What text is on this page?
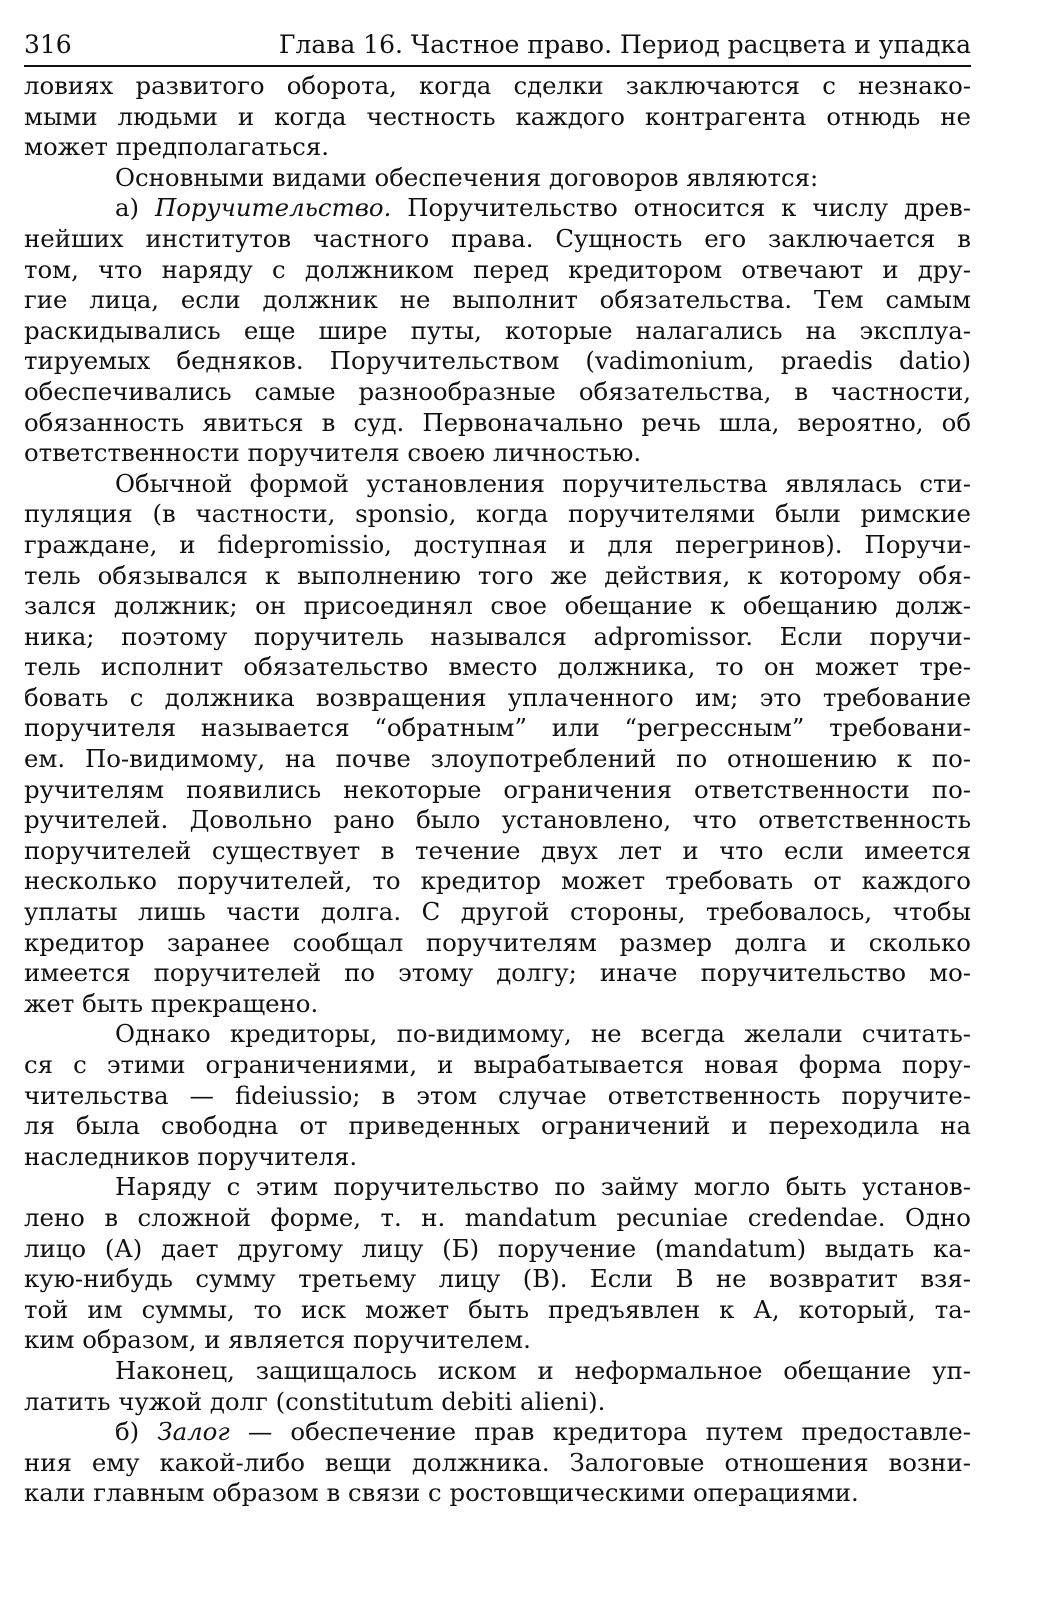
316	Глава 16. Частное право. Период расцвета и упадка
ловиях развитого оборота, когда сделки заключаются с незнако-
мыми людьми и когда честность каждого контрагента отнюдь не
может предполагаться.
Основными видами обеспечения договоров являются:
а) Поручительство. Поручительство относится к числу древ-
нейших институтов частного права. Сущность его заключается в
том, что наряду с должником перед кредитором отвечают и дру-
гие лица, если должник не выполнит обязательства. Тем самым
раскидывались еще шире путы, которые налагались на эксплуа-
тируемых бедняков. Поручительством (vadimonium, praedis datio)
обеспечивались самые разнообразные обязательства, в частности,
обязанность явиться в суд. Первоначально речь шла, вероятно, об
ответственности поручителя своею личностью.
Обычной формой установления поручительства являлась сти-
пуляция (в частности, sponsio, когда поручителями были римские
граждане, и fidepromissio, доступная и для перегринов). Поручи-
тель обязывался к выполнению того же действия, к которому обя-
зался должник; он присоединял свое обещание к обещанию долж-
ника; поэтому поручитель назывался adpromissor. Если поручи-
тель исполнит обязательство вместо должника, то он может тре-
бовать с должника возвращения уплаченного им; это требование
поручителя называется “обратным” или “регрессным” требовани-
ем. По-видимому, на почве злоупотреблений по отношению к по-
ручителям появились некоторые ограничения ответственности по-
ручителей. Довольно рано было установлено, что ответственность
поручителей существует в течение двух лет и что если имеется
несколько поручителей, то кредитор может требовать от каждого
уплаты лишь части долга. С другой стороны, требовалось, чтобы
кредитор заранее сообщал поручителям размер долга и сколько
имеется поручителей по этому долгу; иначе поручительство мо-
жет быть прекращено.
Однако кредиторы, по-видимому, не всегда желали считать-
ся с этими ограничениями, и вырабатывается новая форма пору-
чительства — fideiussio; в этом случае ответственность поручите-
ля была свободна от приведенных ограничений и переходила на
наследников поручителя.
Наряду с этим поручительство по займу могло быть установ-
лено в сложной форме, т. н. mandatum pecuniae credendae. Одно
лицо (А) дает другому лицу (Б) поручение (mandatum) выдать ка-
кую-нибудь сумму третьему лицу (В). Если В не возвратит взя-
той им суммы, то иск может быть предъявлен к А, который, та-
ким образом, и является поручителем.
Наконец, защищалось иском и неформальное обещание уп-
латить чужой долг (constitutum debiti alieni).
б) Залог — обеспечение прав кредитора путем предоставле-
ния ему какой-либо вещи должника. Залоговые отношения возни-
кали главным образом в связи с ростовщическими операциями.
